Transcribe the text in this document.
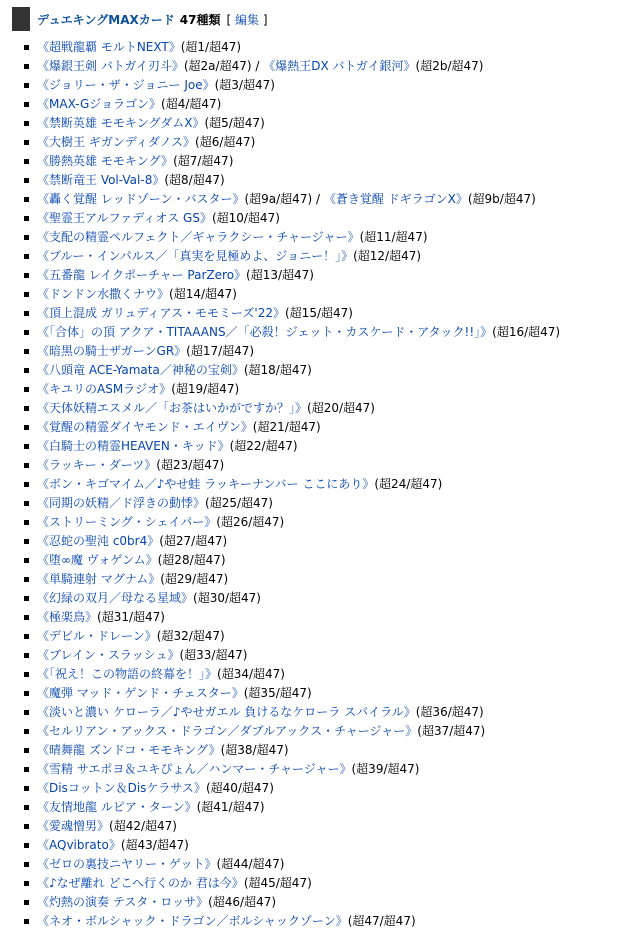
デュエキングMAXカード 47種類 [ 編集 ]
《超戦龍覇 モルトNEXT》(超1/超47)
《爆銀王剣 バトガイ刃斗》(超2a/超47) / 《爆熱王DX バトガイ銀河》(超2b/超47)
《ジョリー・ザ・ジョニー Joe》(超3/超47)
《MAX-Gジョラゴン》(超4/超47)
《禁断英雄 モモキングダムX》(超5/超47)
《大樹王 ギガンディダノス》(超6/超47)
《勝熱英雄 モモキング》(超7/超47)
《禁断竜王 Vol-Val-8》(超8/超47)
《轟く覚醒 レッドゾーン・バスター》(超9a/超47) / 《蒼き覚醒 ドギラゴンX》(超9b/超47)
《聖霊王アルファディオス GS》(超10/超47)
《支配の精霊ペルフェクト／ギャラクシー・チャージャー》(超11/超47)
《ブルー・インパルス／「真実を見極めよ、ジョニー！」》(超12/超47)
《五番龍 レイクポーチャー ParZero》(超13/超47)
《ドンドン水撒くナウ》(超14/超47)
《頂上混成 ガリュディアス・モモミーズ'22》(超15/超47)
《「合体」の頂 アクア・TITAAANS／「必殺！ジェット・カスケード・アタック!!」》(超16/超47)
《暗黒の騎士ザガーンGR》(超17/超47)
《八頭竜 ACE-Yamata／神秘の宝剣》(超18/超47)
《キユリのASMラジオ》(超19/超47)
《天体妖精エスメル／「お茶はいかがですか？」》(超20/超47)
《覚醒の精霊ダイヤモンド・エイヴン》(超21/超47)
《白騎士の精霊HEAVEN・キッド》(超22/超47)
《ラッキー・ダーツ》(超23/超47)
《ボン・キゴマイム／♪やせ蛙 ラッキーナンバー ここにあり》(超24/超47)
《同期の妖精／ド浮きの動悸》(超25/超47)
《ストリーミング・シェイパー》(超26/超47)
《忍蛇の聖沌 c0br4》(超27/超47)
《堕∞魔 ヴォゲンム》(超28/超47)
《単騎連射 マグナム》(超29/超47)
《幻緑の双月／母なる星域》(超30/超47)
《極楽鳥》(超31/超47)
《デビル・ドレーン》(超32/超47)
《ブレイン・スラッシュ》(超33/超47)
《「祝え！この物語の終幕を！」》(超34/超47)
《魔弾 マッド・ゲンド・チェスター》(超35/超47)
《淡いと濃い ケローラ／♪やせガエル 負けるなケローラ スパイラル》(超36/超47)
《セルリアン・アックス・ドラゴン／ダブルアックス・チャージャー》(超37/超47)
《晴舞龍 ズンドコ・モモキング》(超38/超47)
《雪精 サエポヨ＆ユキぴょん／ハンマー・チャージャー》(超39/超47)
《Disコットン＆Disケラサス》(超40/超47)
《友情地龍 ルピア・ターン》(超41/超47)
《愛魂憎男》(超42/超47)
《AQvibrato》(超43/超47)
《ゼロの裏技ニヤリー・ゲット》(超44/超47)
《♪なぜ離れ どこへ行くのか 君は今》(超45/超47)
《灼熱の演奏 テスタ・ロッサ》(超46/超47)
《ネオ・ボルシャック・ドラゴン／ボルシャックゾーン》(超47/超47)
